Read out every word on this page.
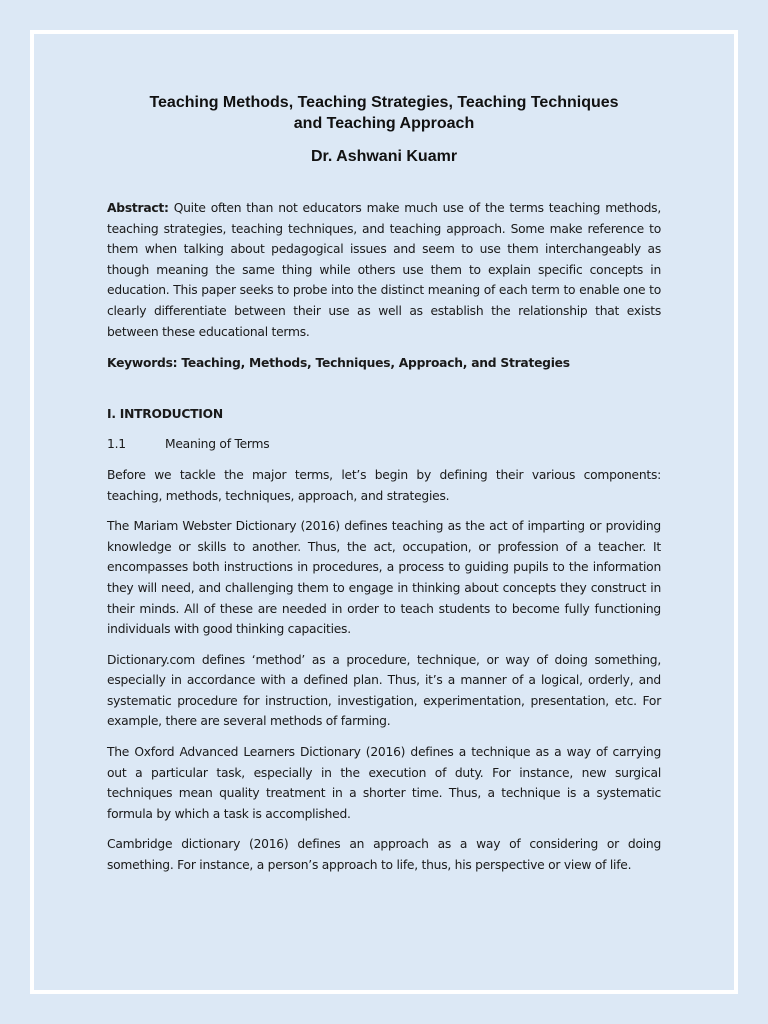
Teaching Methods, Teaching Strategies, Teaching Techniques
and Teaching Approach
Dr. Ashwani Kuamr

Abstract: Quite often than not educators make much use of the terms teaching methods, teaching strategies, teaching techniques, and teaching approach. Some make reference to them when talking about pedagogical issues and seem to use them interchangeably as though meaning the same thing while others use them to explain specific concepts in education. This paper seeks to probe into the distinct meaning of each term to enable one to clearly differentiate between their use as well as establish the relationship that exists between these educational terms.

Keywords: Teaching, Methods, Techniques, Approach, and Strategies

I. INTRODUCTION

1.1	Meaning of Terms

Before we tackle the major terms, let’s begin by defining their various components: teaching, methods, techniques, approach, and strategies.

The Mariam Webster Dictionary (2016) defines teaching as the act of imparting or providing knowledge or skills to another. Thus, the act, occupation, or profession of a teacher. It encompasses both instructions in procedures, a process to guiding pupils to the information they will need, and challenging them to engage in thinking about concepts they construct in their minds. All of these are needed in order to teach students to become fully functioning individuals with good thinking capacities.

Dictionary.com defines ‘method’ as a procedure, technique, or way of doing something, especially in accordance with a defined plan. Thus, it’s a manner of a logical, orderly, and systematic procedure for instruction, investigation, experimentation, presentation, etc. For example, there are several methods of farming.

The Oxford Advanced Learners Dictionary (2016) defines a technique as a way of carrying out a particular task, especially in the execution of duty. For instance, new surgical techniques mean quality treatment in a shorter time. Thus, a technique is a systematic formula by which a task is accomplished.

Cambridge dictionary (2016) defines an approach as a way of considering or doing something. For instance, a person’s approach to life, thus, his perspective or view of life.
